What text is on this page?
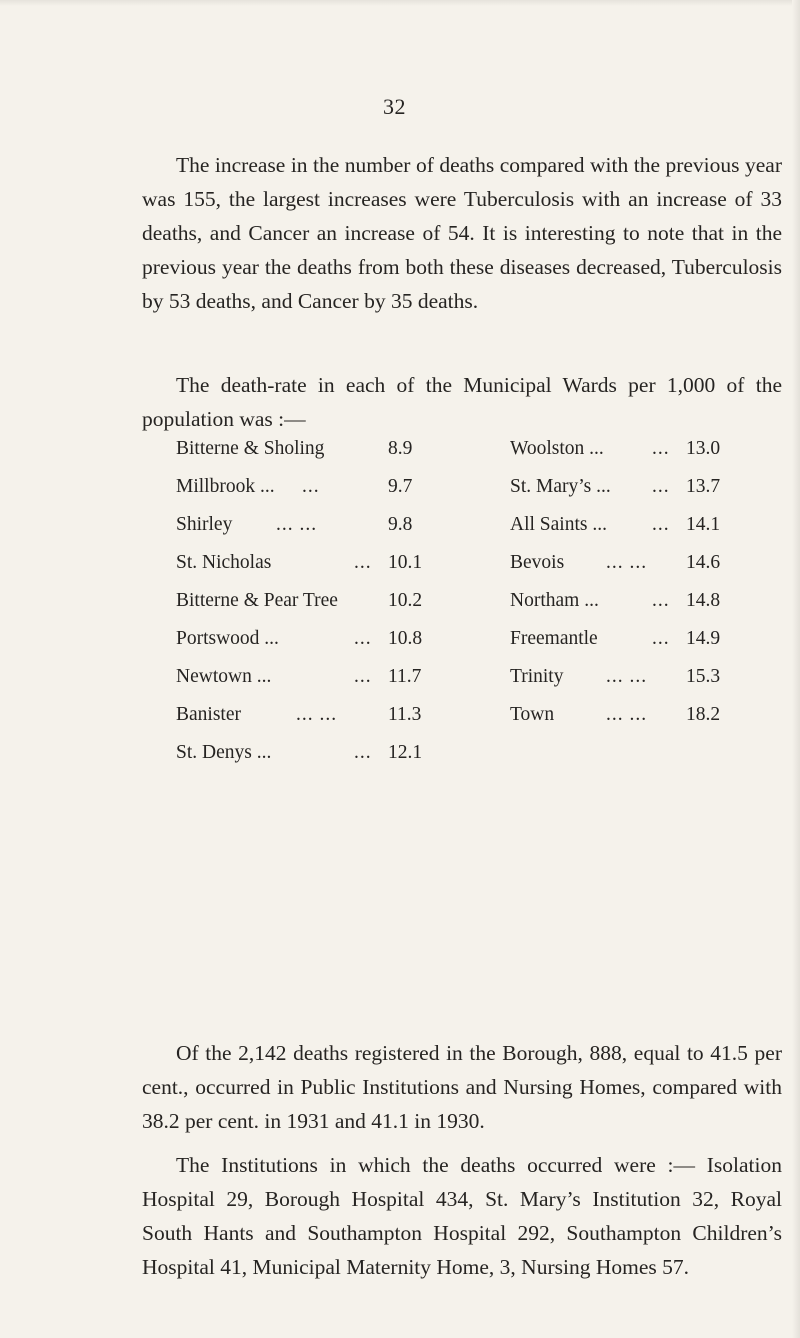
32

The increase in the number of deaths compared with the previous year was 155, the largest increases were Tuberculosis with an increase of 33 deaths, and Cancer an increase of 54. It is interesting to note that in the previous year the deaths from both these diseases decreased, Tuberculosis by 53 deaths, and Cancer by 35 deaths.

The death-rate in each of the Municipal Wards per 1,000 of the population was :—

Bitterne & Sholing	8.9	Woolston ... ... 13.0
Millbrook ... ...	9.7	St. Mary’s ... ... 13.7
Shirley ... ...	9.8	All Saints ... ... 14.1
St. Nicholas	... 10.1	Bevois ... ... 14.6
Bitterne & Pear Tree	10.2	Northam ...	... 14.8
Portswood ...	... 10.8	Freemantle	... 14.9
Newtown ...	... 11.7	Trinity ... ... 15.3
Banister	... ...	11.3	Town	... ... 18.2
St. Denys ...	... 12.1

Of the 2,142 deaths registered in the Borough, 888, equal to 41.5 per cent., occurred in Public Institutions and Nursing Homes, compared with 38.2 per cent. in 1931 and 41.1 in 1930.

The Institutions in which the deaths occurred were :— Isolation Hospital 29, Borough Hospital 434, St. Mary’s Institution 32, Royal South Hants and Southampton Hospital 292, Southampton Children’s Hospital 41, Municipal Maternity Home, 3, Nursing Homes 57.
